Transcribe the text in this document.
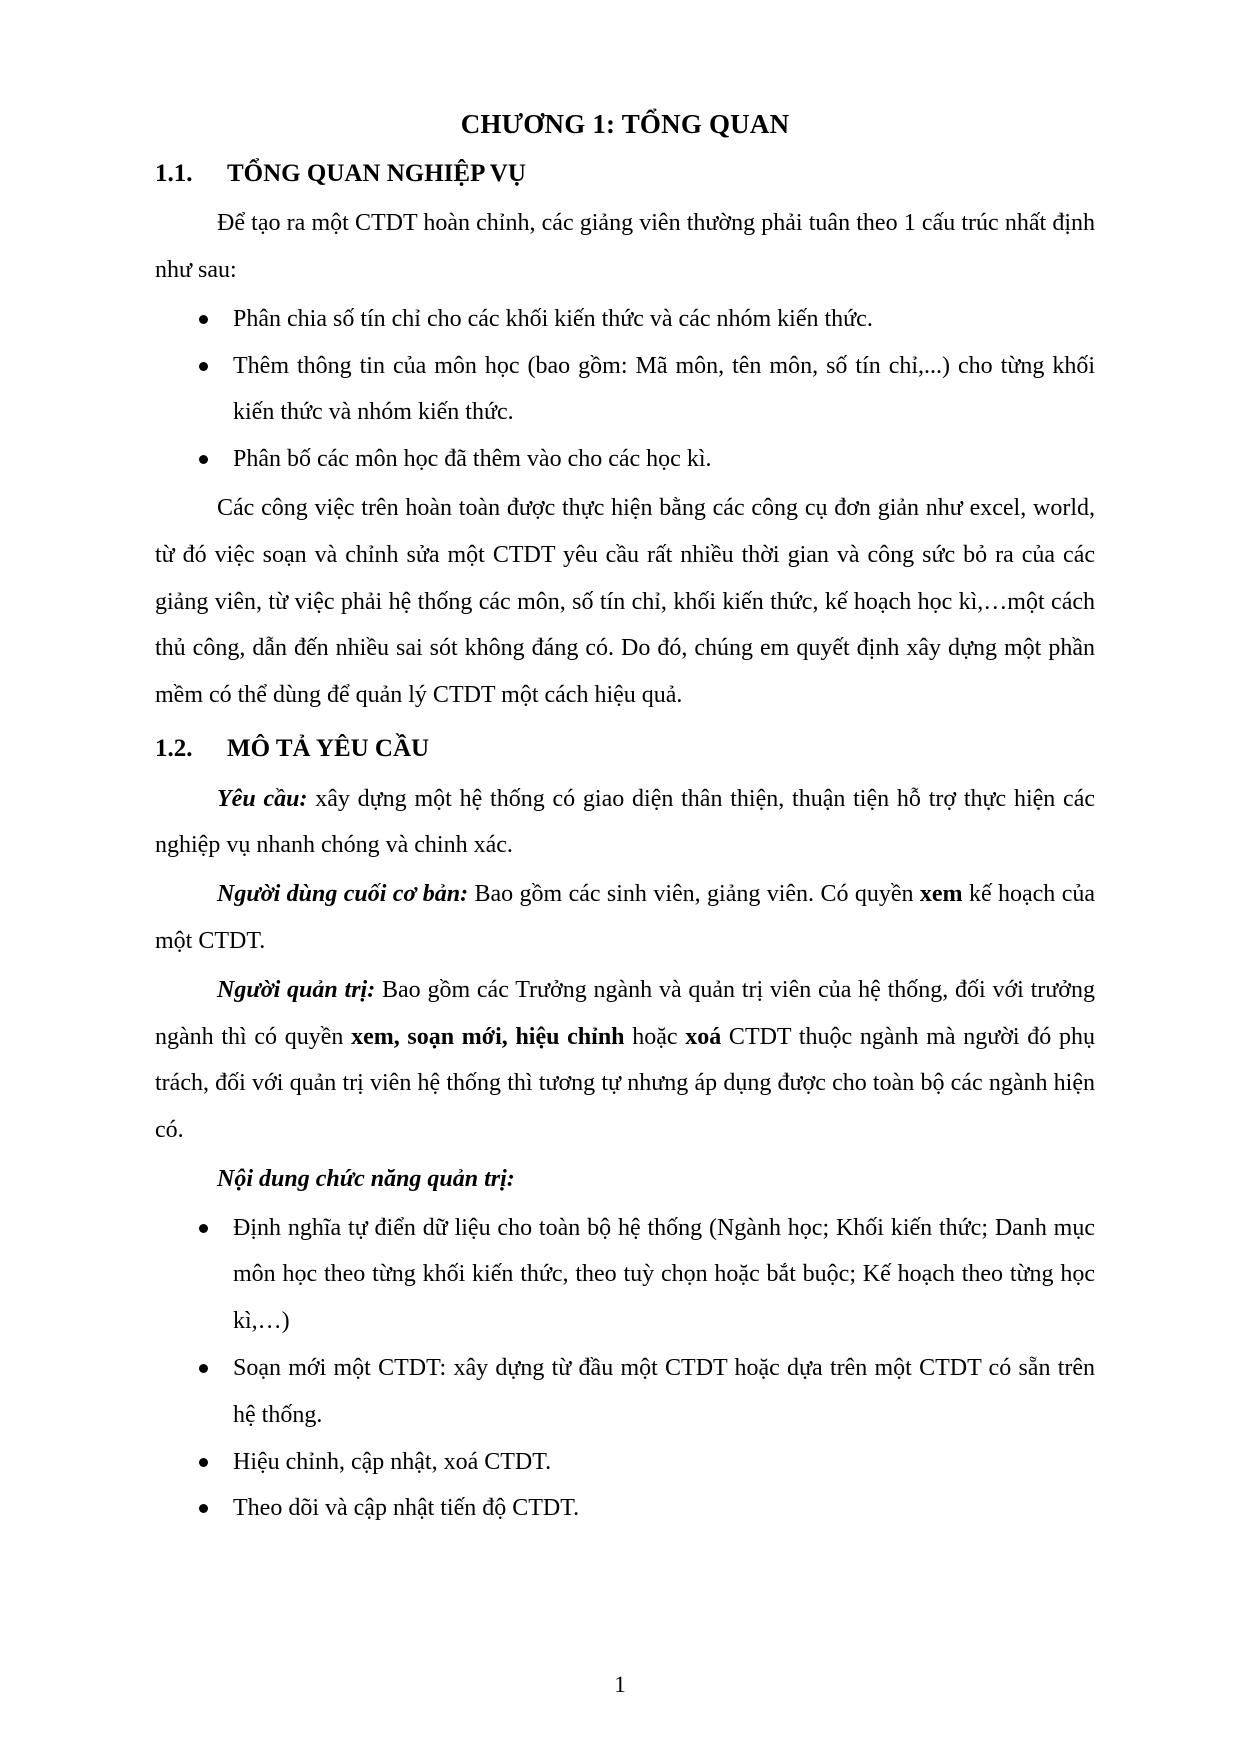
CHƯƠNG 1: TỔNG QUAN
1.1.	TỔNG QUAN NGHIỆP VỤ

Để tạo ra một CTDT hoàn chỉnh, các giảng viên thường phải tuân theo 1 cấu trúc nhất định như sau:

Phân chia số tín chỉ cho các khối kiến thức và các nhóm kiến thức.
Thêm thông tin của môn học (bao gồm: Mã môn, tên môn, số tín chỉ,...) cho từng khối kiến thức và nhóm kiến thức.
Phân bố các môn học đã thêm vào cho các học kì.

Các công việc trên hoàn toàn được thực hiện bằng các công cụ đơn giản như excel, world, từ đó việc soạn và chỉnh sửa một CTDT yêu cầu rất nhiều thời gian và công sức bỏ ra của các giảng viên, từ việc phải hệ thống các môn, số tín chỉ, khối kiến thức, kế hoạch học kì,…một cách thủ công, dẫn đến nhiều sai sót không đáng có. Do đó, chúng em quyết định xây dựng một phần mềm có thể dùng để quản lý CTDT một cách hiệu quả.

1.2.	MÔ TẢ YÊU CẦU

Yêu cầu: xây dựng một hệ thống có giao diện thân thiện, thuận tiện hỗ trợ thực hiện các nghiệp vụ nhanh chóng và chinh xác.

Người dùng cuối cơ bản: Bao gồm các sinh viên, giảng viên. Có quyền xem kế hoạch của một CTDT.

Người quản trị: Bao gồm các Trưởng ngành và quản trị viên của hệ thống, đối với trưởng ngành thì có quyền xem, soạn mới, hiệu chỉnh hoặc xoá CTDT thuộc ngành mà người đó phụ trách, đối với quản trị viên hệ thống thì tương tự nhưng áp dụng được cho toàn bộ các ngành hiện có.

Nội dung chức năng quản trị:

Định nghĩa tự điển dữ liệu cho toàn bộ hệ thống (Ngành học; Khối kiến thức; Danh mục môn học theo từng khối kiến thức, theo tuỳ chọn hoặc bắt buộc; Kế hoạch theo từng học kì,…)
Soạn mới một CTDT: xây dựng từ đầu một CTDT hoặc dựa trên một CTDT có sẵn trên hệ thống.
Hiệu chỉnh, cập nhật, xoá CTDT.
Theo dõi và cập nhật tiến độ CTDT.
1
